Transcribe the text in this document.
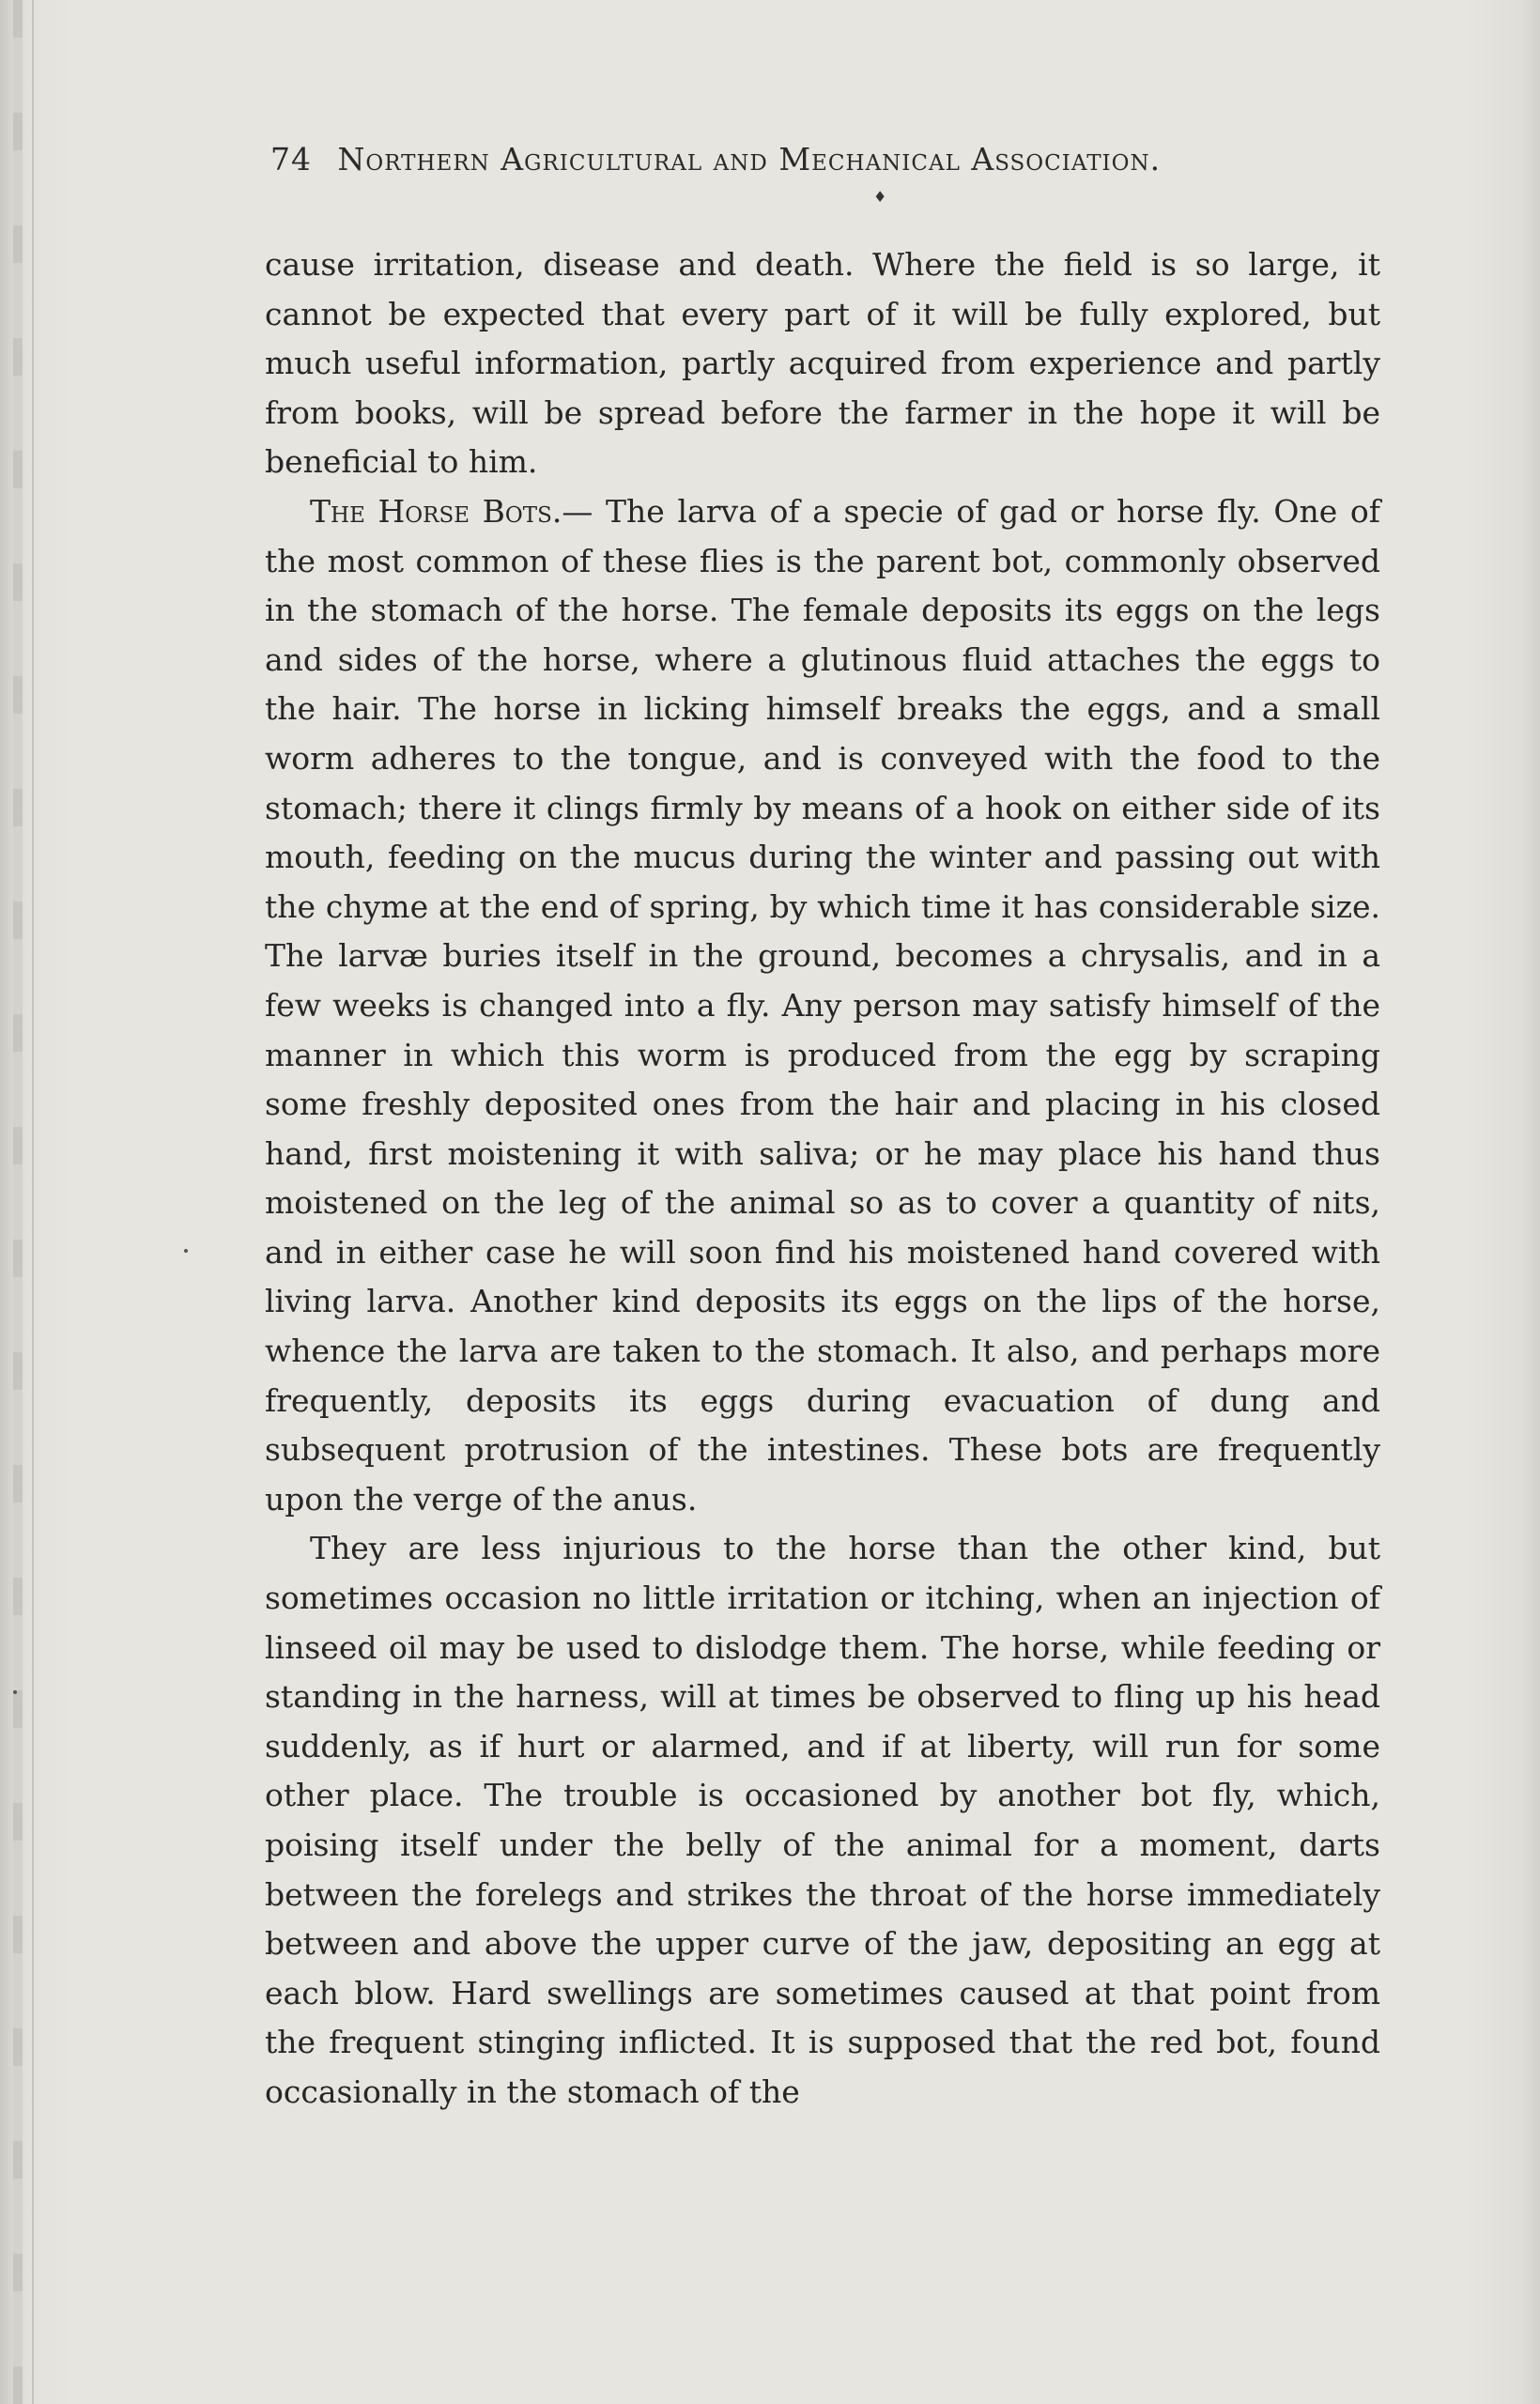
74 Northern Agricultural and Mechanical Association.
♦

cause irritation, disease and death. Where the field is so large, it cannot be expected that every part of it will be fully explored, but much useful information, partly acquired from experience and partly from books, will be spread before the farmer in the hope it will be beneficial to him.

The Horse Bots.— The larva of a specie of gad or horse fly. One of the most common of these flies is the parent bot, commonly observed in the stomach of the horse. The female deposits its eggs on the legs and sides of the horse, where a glutinous fluid attaches the eggs to the hair. The horse in licking himself breaks the eggs, and a small worm adheres to the tongue, and is conveyed with the food to the stomach; there it clings firmly by means of a hook on either side of its mouth, feeding on the mucus during the winter and passing out with the chyme at the end of spring, by which time it has considerable size. The larvæ buries itself in the ground, becomes a chrysalis, and in a few weeks is changed into a fly. Any person may satisfy himself of the manner in which this worm is produced from the egg by scraping some freshly deposited ones from the hair and placing in his closed hand, first moistening it with saliva; or he may place his hand thus moistened on the leg of the animal so as to cover a quantity of nits, and in either case he will soon find his moistened hand covered with living larva. Another kind deposits its eggs on the lips of the horse, whence the larva are taken to the stomach. It also, and perhaps more frequently, deposits its eggs during evacuation of dung and subsequent protrusion of the intestines. These bots are frequently upon the verge of the anus.

They are less injurious to the horse than the other kind, but sometimes occasion no little irritation or itching, when an injection of linseed oil may be used to dislodge them. The horse, while feeding or standing in the harness, will at times be observed to fling up his head suddenly, as if hurt or alarmed, and if at liberty, will run for some other place. The trouble is occasioned by another bot fly, which, poising itself under the belly of the animal for a moment, darts between the forelegs and strikes the throat of the horse immediately between and above the upper curve of the jaw, depositing an egg at each blow. Hard swellings are sometimes caused at that point from the frequent stinging inflicted. It is supposed that the red bot, found occasionally in the stomach of the
